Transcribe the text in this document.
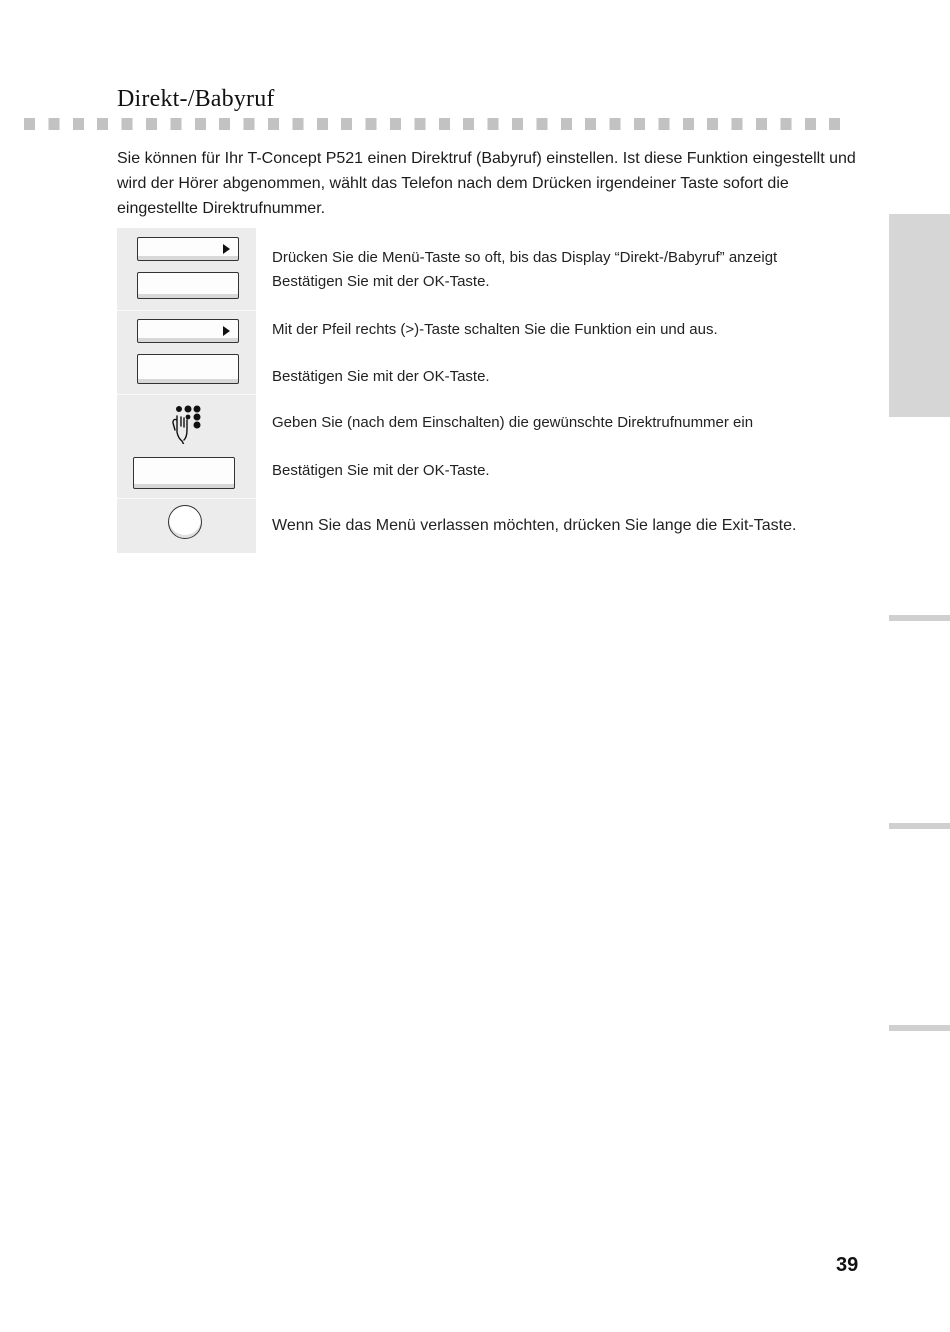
Direkt-/Babyruf
Sie können für Ihr T-Concept P521 einen Direktruf (Babyruf) einstellen. Ist diese Funktion eingestellt und wird der Hörer abgenommen, wählt das Telefon nach dem Drücken irgendeiner Taste sofort die eingestellte Direktrufnummer.
Drücken Sie die Menü-Taste so oft, bis das Display “Direkt-/Babyruf” anzeigt
Bestätigen Sie mit der OK-Taste.
Mit der Pfeil rechts (>)-Taste schalten Sie die Funktion ein und aus.
Bestätigen Sie mit der OK-Taste.
Geben Sie (nach dem Einschalten) die gewünschte Direktrufnummer ein
Bestätigen Sie mit der OK-Taste.
Wenn Sie das Menü verlassen möchten, drücken Sie lange die Exit-Taste.
39
